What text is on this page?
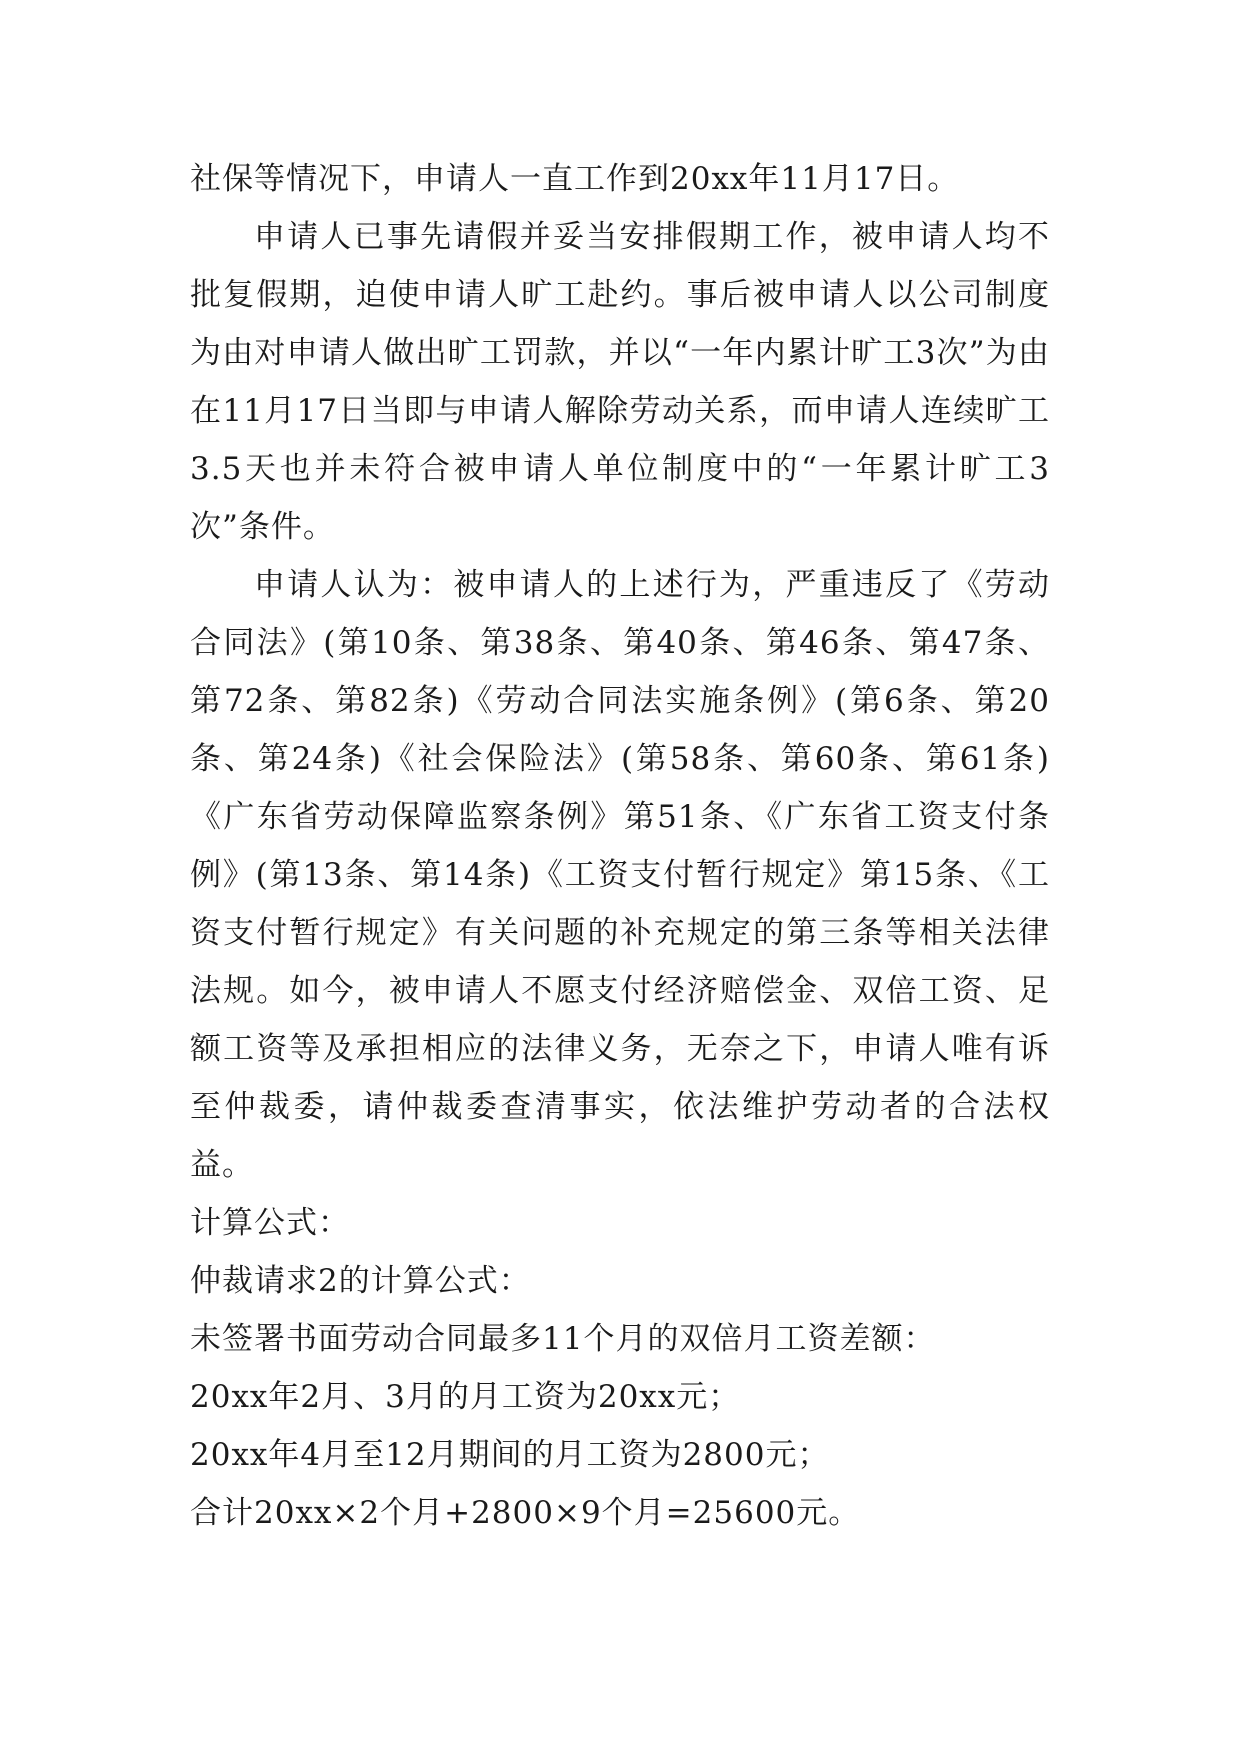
社保等情况下，申请人一直工作到20xx年11月17日。

申请人已事先请假并妥当安排假期工作，被申请人均不批复假期，迫使申请人旷工赴约。事后被申请人以公司制度为由对申请人做出旷工罚款，并以“一年内累计旷工3次”为由在11月17日当即与申请人解除劳动关系，而申请人连续旷工3.5天也并未符合被申请人单位制度中的“一年累计旷工3次”条件。

申请人认为：被申请人的上述行为，严重违反了《劳动合同法》(第10条、第38条、第40条、第46条、第47条、第72条、第82条)《劳动合同法实施条例》(第6条、第20条、第24条)《社会保险法》(第58条、第60条、第61条)《广东省劳动保障监察条例》第51条、《广东省工资支付条例》(第13条、第14条)《工资支付暂行规定》第15条、《工资支付暂行规定》有关问题的补充规定的第三条等相关法律法规。如今，被申请人不愿支付经济赔偿金、双倍工资、足额工资等及承担相应的法律义务，无奈之下，申请人唯有诉至仲裁委，请仲裁委查清事实，依法维护劳动者的合法权益。

计算公式：

仲裁请求2的计算公式：

未签署书面劳动合同最多11个月的双倍月工资差额：

20xx年2月、3月的月工资为20xx元；

20xx年4月至12月期间的月工资为2800元；

合计20xx×2个月+2800×9个月=25600元。
